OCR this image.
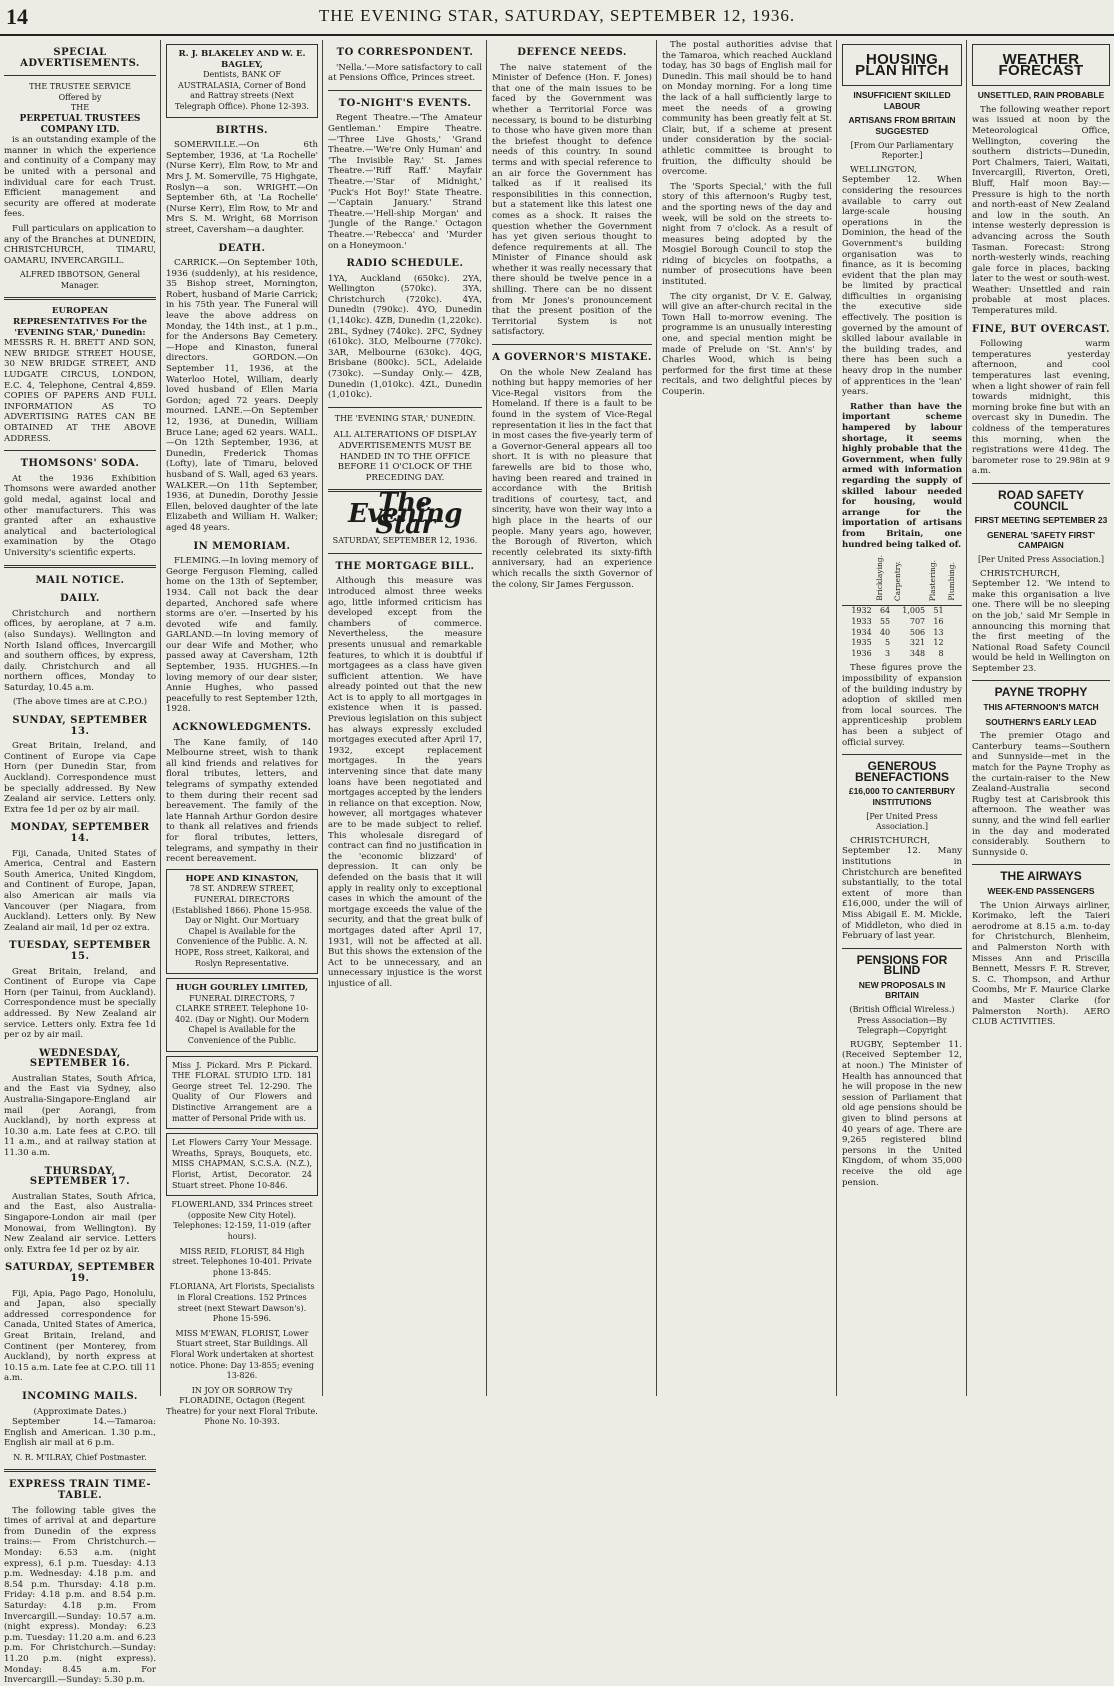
14	THE EVENING STAR, SATURDAY, SEPTEMBER 12, 1936.
SPECIAL ADVERTISEMENTS.
THE TRUSTEE SERVICE
Offered by
THE
PERPETUAL TRUSTEES COMPANY LTD.

is an outstanding example of the manner in which the experience and continuity of a Company may be united with a personal and individual care for each Trust. Efficient management and security are offered at moderate fees.

Full particulars on application to any of the Branches at DUNEDIN, CHRISTCHURCH, TIMARU, OAMARU, INVERCARGILL.

ALFRED IBBOTSON, General Manager.
EUROPEAN REPRESENTATIVES For the 'EVENING STAR,' Dunedin:

MESSRS R. H. BRETT AND SON, NEW BRIDGE STREET HOUSE, 30 NEW BRIDGE STREET, AND LUDGATE CIRCUS, LONDON, E.C. 4, Telephone, Central 4,859. COPIES OF PAPERS AND FULL INFORMATION AS TO ADVERTISING RATES CAN BE OBTAINED AT THE ABOVE ADDRESS.

THOMSONS' SODA.

At the 1936 Exhibition Thomsons were awarded another gold medal, against local and other manufacturers. This was granted after an exhaustive analytical and bacteriological examination by the Otago University's scientific experts.

MAIL NOTICE.
DAILY.

Christchurch and northern offices, by aeroplane, at 7 a.m. (also Sundays). Wellington and North Island offices, Invercargill and southern offices, by express, daily. Christchurch and all northern offices, Monday to Saturday, 10.45 a.m.

(The above times are at C.P.O.)
SUNDAY, SEPTEMBER 13.

Great Britain, Ireland, and Continent of Europe via Cape Horn (per Dunedin Star, from Auckland). Correspondence must be specially addressed. By New Zealand air service. Letters only. Extra fee 1d per oz by air mail.

MONDAY, SEPTEMBER 14.

Fiji, Canada, United States of America, Central and Eastern South America, United Kingdom, and Continent of Europe, Japan, also American air mails via Vancouver (per Niagara, from Auckland). Letters only. By New Zealand air mail, 1d per oz extra.

TUESDAY, SEPTEMBER 15.

Great Britain, Ireland, and Continent of Europe via Cape Horn (per Tainui, from Auckland). Correspondence must be specially addressed. By New Zealand air service. Letters only. Extra fee 1d per oz by air mail.

WEDNESDAY, SEPTEMBER 16.

Australian States, South Africa, and the East via Sydney, also Australia-Singapore-England air mail (per Aorangi, from Auckland), by north express at 10.30 a.m. Late fees at C.P.O. till 11 a.m., and at railway station at 11.30 a.m.

THURSDAY, SEPTEMBER 17.

Australian States, South Africa, and the East, also Australia-Singapore-London air mail (per Monowai, from Wellington). By New Zealand air service. Letters only. Extra fee 1d per oz by air.

SATURDAY, SEPTEMBER 19.

Fiji, Apia, Pago Pago, Honolulu, and Japan, also specially addressed correspondence for Canada, United States of America, Great Britain, Ireland, and Continent (per Monterey, from Auckland), by north express at 10.15 a.m. Late fee at C.P.O. till 11 a.m.

INCOMING MAILS.
(Approximate Dates.)

September 14.—Tamaroa: English and American. 1.30 p.m., English air mail at 6 p.m.

N. R. M'ILRAY, Chief Postmaster.
EXPRESS TRAIN TIME-TABLE.

The following table gives the times of arrival at and departure from Dunedin of the express trains:— From Christchurch.—Monday: 6.53 a.m. (night express), 6.1 p.m. Tuesday: 4.13 p.m. Wednesday: 4.18 p.m. and 8.54 p.m. Thursday: 4.18 p.m. Friday: 4.18 p.m. and 8.54 p.m. Saturday: 4.18 p.m. From Invercargill.—Sunday: 10.57 a.m. (night express). Monday: 6.23 p.m. Tuesday: 11.20 a.m. and 6.23 p.m. For Christchurch.—Sunday: 11.20 p.m. (night express). Monday: 8.45 a.m. For Invercargill.—Sunday: 5.30 p.m.

R. J. BLAKELEY AND W. E. BAGLEY,
Dentists, BANK OF AUSTRALASIA, Corner of Bond and Rattray streets (Next Telegraph Office). Phone 12-393.
BIRTHS.

SOMERVILLE.—On 6th September, 1936, at 'La Rochelle' (Nurse Kerr), Elm Row, to Mr and Mrs J. M. Somerville, 75 Highgate, Roslyn—a son. WRIGHT.—On September 6th, at 'La Rochelle' (Nurse Kerr), Elm Row, to Mr and Mrs S. M. Wright, 68 Morrison street, Caversham—a daughter.

DEATH.

CARRICK.—On September 10th, 1936 (suddenly), at his residence, 35 Bishop street, Mornington, Robert, husband of Marie Carrick; in his 75th year. The Funeral will leave the above address on Monday, the 14th inst., at 1 p.m., for the Andersons Bay Cemetery.—Hope and Kinaston, funeral directors. GORDON.—On September 11, 1936, at the Waterloo Hotel, William, dearly loved husband of Ellen Maria Gordon; aged 72 years. Deeply mourned. LANE.—On September 12, 1936, at Dunedin, William Bruce Lane; aged 62 years. WALL.—On 12th September, 1936, at Dunedin, Frederick Thomas (Lofty), late of Timaru, beloved husband of S. Wall, aged 63 years. WALKER.—On 11th September, 1936, at Dunedin, Dorothy Jessie Ellen, beloved daughter of the late Elizabeth and William H. Walker; aged 48 years.

IN MEMORIAM.

FLEMING.—In loving memory of George Ferguson Fleming, called home on the 13th of September, 1934. Call not back the dear departed, Anchored safe where storms are o'er. —Inserted by his devoted wife and family. GARLAND.—In loving memory of our dear Wife and Mother, who passed away at Caversham, 12th September, 1935. HUGHES.—In loving memory of our dear sister, Annie Hughes, who passed peacefully to rest September 12th, 1928.

ACKNOWLEDGMENTS.

The Kane family, of 140 Melbourne street, wish to thank all kind friends and relatives for floral tributes, letters, and telegrams of sympathy extended to them during their recent sad bereavement. The family of the late Hannah Arthur Gordon desire to thank all relatives and friends for floral tributes, letters, telegrams, and sympathy in their recent bereavement.

HOPE AND KINASTON,
78 ST. ANDREW STREET, FUNERAL DIRECTORS (Established 1866). Phone 15-958. Day or Night. Our Mortuary Chapel is Available for the Convenience of the Public. A. N. HOPE, Ross street, Kaikorai, and Roslyn Representative.
HUGH GOURLEY LIMITED,
FUNERAL DIRECTORS, 7 CLARKE STREET. Telephone 10-402. (Day or Night). Our Modern Chapel is Available for the Convenience of the Public.
Miss J. Pickard. Mrs P. Pickard. THE FLORAL STUDIO LTD. 181 George street Tel. 12-290. The Quality of Our Flowers and Distinctive Arrangement are a matter of Personal Pride with us.
Let Flowers Carry Your Message. Wreaths, Sprays, Bouquets, etc. MISS CHAPMAN, S.C.S.A. (N.Z.), Florist, Artist, Decorator. 24 Stuart street. Phone 10-846.
FLOWERLAND, 334 Princes street (opposite New City Hotel). Telephones: 12-159, 11-019 (after hours).
MISS REID, FLORIST, 84 High street. Telephones 10-401. Private phone 13-845.
FLORIANA, Art Florists, Specialists in Floral Creations. 152 Princes street (next Stewart Dawson's). Phone 15-596.
MISS M'EWAN, FLORIST, Lower Stuart street, Star Buildings. All Floral Work undertaken at shortest notice. Phone: Day 13-855; evening 13-826.
IN JOY OR SORROW Try FLORADINE, Octagon (Regent Theatre) for your next Floral Tribute. Phone No. 10-393.
TO CORRESPONDENT.

'Nella.'—More satisfactory to call at Pensions Office, Princes street.

TO-NIGHT'S EVENTS.

Regent Theatre.—'The Amateur Gentleman.' Empire Theatre.—'Three Live Ghosts,' 'Grand Theatre.—'We're Only Human' and 'The Invisible Ray.' St. James Theatre.—'Riff Raff.' Mayfair Theatre.—'Star of Midnight,' 'Puck's Hot Boy!' State Theatre.—'Captain January.' Strand Theatre.—'Hell-ship Morgan' and 'Jungle of the Range.' Octagon Theatre.—'Rebecca' and 'Murder on a Honeymoon.'

RADIO SCHEDULE.

1YA, Auckland (650kc). 2YA, Wellington (570kc). 3YA, Christchurch (720kc). 4YA, Dunedin (790kc). 4YO, Dunedin (1,140kc). 4ZB, Dunedin (1,220kc). 2BL, Sydney (740kc). 2FC, Sydney (610kc). 3LO, Melbourne (770kc). 3AR, Melbourne (630kc). 4QG, Brisbane (800kc). 5CL, Adelaide (730kc). —Sunday Only.— 4ZB, Dunedin (1,010kc). 4ZL, Dunedin (1,010kc).

THE 'EVENING STAR,' DUNEDIN.
ALL ALTERATIONS OF DISPLAY ADVERTISEMENTS MUST BE HANDED IN TO THE OFFICE BEFORE 11 O'CLOCK OF THE PRECEDING DAY.
The Evening Star
SATURDAY, SEPTEMBER 12, 1936.
THE MORTGAGE BILL.

Although this measure was introduced almost three weeks ago, little informed criticism has developed except from the chambers of commerce. Nevertheless, the measure presents unusual and remarkable features, to which it is doubtful if mortgagees as a class have given sufficient attention. We have already pointed out that the new Act is to apply to all mortgages in existence when it is passed. Previous legislation on this subject has always expressly excluded mortgages executed after April 17, 1932, except replacement mortgages. In the years intervening since that date many loans have been negotiated and mortgages accepted by the lenders in reliance on that exception. Now, however, all mortgages whatever are to be made subject to relief. This wholesale disregard of contract can find no justification in the 'economic blizzard' of depression. It can only be defended on the basis that it will apply in reality only to exceptional cases in which the amount of the mortgage exceeds the value of the security, and that the great bulk of mortgages dated after April 17, 1931, will not be affected at all. But this shows the extension of the Act to be unnecessary, and an unnecessary injustice is the worst injustice of all.

DEFENCE NEEDS.

The naive statement of the Minister of Defence (Hon. F. Jones) that one of the main issues to be faced by the Government was whether a Territorial Force was necessary, is bound to be disturbing to those who have given more than the briefest thought to defence needs of this country. In sound terms and with special reference to an air force the Government has talked as if it realised its responsibilities in this connection, but a statement like this latest one comes as a shock. It raises the question whether the Government has yet given serious thought to defence requirements at all. The Minister of Finance should ask whether it was really necessary that there should be twelve pence in a shilling. There can be no dissent from Mr Jones's pronouncement that the present position of the Territorial System is not satisfactory.

A GOVERNOR'S MISTAKE.

On the whole New Zealand has nothing but happy memories of her Vice-Regal visitors from the Homeland. If there is a fault to be found in the system of Vice-Regal representation it lies in the fact that in most cases the five-yearly term of a Governor-General appears all too short. It is with no pleasure that farewells are bid to those who, having been reared and trained in accordance with the British traditions of courtesy, tact, and sincerity, have won their way into a high place in the hearts of our people. Many years ago, however, the Borough of Riverton, which recently celebrated its sixty-fifth anniversary, had an experience which recalls the sixth Governor of the colony, Sir James Fergusson.

The postal authorities advise that the Tamaroa, which reached Auckland today, has 30 bags of English mail for Dunedin. This mail should be to hand on Monday morning. For a long time the lack of a hall sufficiently large to meet the needs of a growing community has been greatly felt at St. Clair, but, if a scheme at present under consideration by the social-athletic committee is brought to fruition, the difficulty should be overcome.

The 'Sports Special,' with the full story of this afternoon's Rugby test, and the sporting news of the day and week, will be sold on the streets to-night from 7 o'clock. As a result of measures being adopted by the Mosgiel Borough Council to stop the riding of bicycles on footpaths, a number of prosecutions have been instituted.

The city organist, Dr V. E. Galway, will give an after-church recital in the Town Hall to-morrow evening. The programme is an unusually interesting one, and special mention might be made of Prelude on 'St. Ann's' by Charles Wood, which is being performed for the first time at these recitals, and two delightful pieces by Couperin.

HOUSING PLAN HITCH
INSUFFICIENT SKILLED LABOUR
ARTISANS FROM BRITAIN SUGGESTED
[From Our Parliamentary Reporter.]

WELLINGTON, September 12. When considering the resources available to carry out large-scale housing operations in the Dominion, the head of the Government's building organisation was to finance, as it is becoming evident that the plan may be limited by practical difficulties in organising the executive side effectively. The position is governed by the amount of skilled labour available in the building trades, and there has been such a heavy drop in the number of apprentices in the 'lean' years.

Rather than have the important scheme hampered by labour shortage, it seems highly probable that the Government, when fully armed with information regarding the supply of skilled labour needed for housing, would arrange for the importation of artisans from Britain, one hundred being talked of.

	Bricklaying.	Carpentry.	Plastering.	Plumbing.
1932	64	1,005	51	
1933	55	707	16	
1934	40	506	13	
1935	5	321	12	
1936	3	348	8	

These figures prove the impossibility of expansion of the building industry by adoption of skilled men from local sources. The apprenticeship problem has been a subject of official survey.

GENEROUS BENEFACTIONS
£16,000 TO CANTERBURY INSTITUTIONS
[Per United Press Association.]

CHRISTCHURCH, September 12. Many institutions in Christchurch are benefited substantially, to the total extent of more than £16,000, under the will of Miss Abigail E. M. Mickle, of Middleton, who died in February of last year.

PENSIONS FOR BLIND
NEW PROPOSALS IN BRITAIN
(British Official Wireless.) Press Association—By Telegraph—Copyright

RUGBY, September 11. (Received September 12, at noon.) The Minister of Health has announced that he will propose in the new session of Parliament that old age pensions should be given to blind persons at 40 years of age. There are 9,265 registered blind persons in the United Kingdom, of whom 35,000 receive the old age pension.

WEATHER FORECAST
UNSETTLED, RAIN PROBABLE

The following weather report was issued at noon by the Meteorological Office, Wellington, covering the southern districts—Dunedin, Port Chalmers, Taieri, Waitati, Invercargill, Riverton, Oreti, Bluff, Half moon Bay:— Pressure is high to the north and north-east of New Zealand and low in the south. An intense westerly depression is advancing across the South Tasman. Forecast: Strong north-westerly winds, reaching gale force in places, backing later to the west or south-west. Weather: Unsettled and rain probable at most places. Temperatures mild.

FINE, BUT OVERCAST.

Following warm temperatures yesterday afternoon, and cool temperatures last evening, when a light shower of rain fell towards midnight, this morning broke fine but with an overcast sky in Dunedin. The coldness of the temperatures this morning, when the registrations were 41deg. The barometer rose to 29.98in at 9 a.m.

ROAD SAFETY COUNCIL
FIRST MEETING SEPTEMBER 23
GENERAL 'SAFETY FIRST' CAMPAIGN
[Per United Press Association.]

CHRISTCHURCH, September 12. 'We intend to make this organisation a live one. There will be no sleeping on the job,' said Mr Semple in announcing this morning that the first meeting of the National Road Safety Council would be held in Wellington on September 23.

PAYNE TROPHY
THIS AFTERNOON'S MATCH
SOUTHERN'S EARLY LEAD

The premier Otago and Canterbury teams—Southern and Sunnyside—met in the match for the Payne Trophy as the curtain-raiser to the New Zealand-Australia second Rugby test at Carisbrook this afternoon. The weather was sunny, and the wind fell earlier in the day and moderated considerably. Southern to Sunnyside 0.

THE AIRWAYS
WEEK-END PASSENGERS

The Union Airways airliner, Korimako, left the Taieri aerodrome at 8.15 a.m. to-day for Christchurch, Blenheim, and Palmerston North with Misses Ann and Priscilla Bennett, Messrs F. R. Strever, S. C. Thompson, and Arthur Coombs, Mr F. Maurice Clarke and Master Clarke (for Palmerston North). AERO CLUB ACTIVITIES.
